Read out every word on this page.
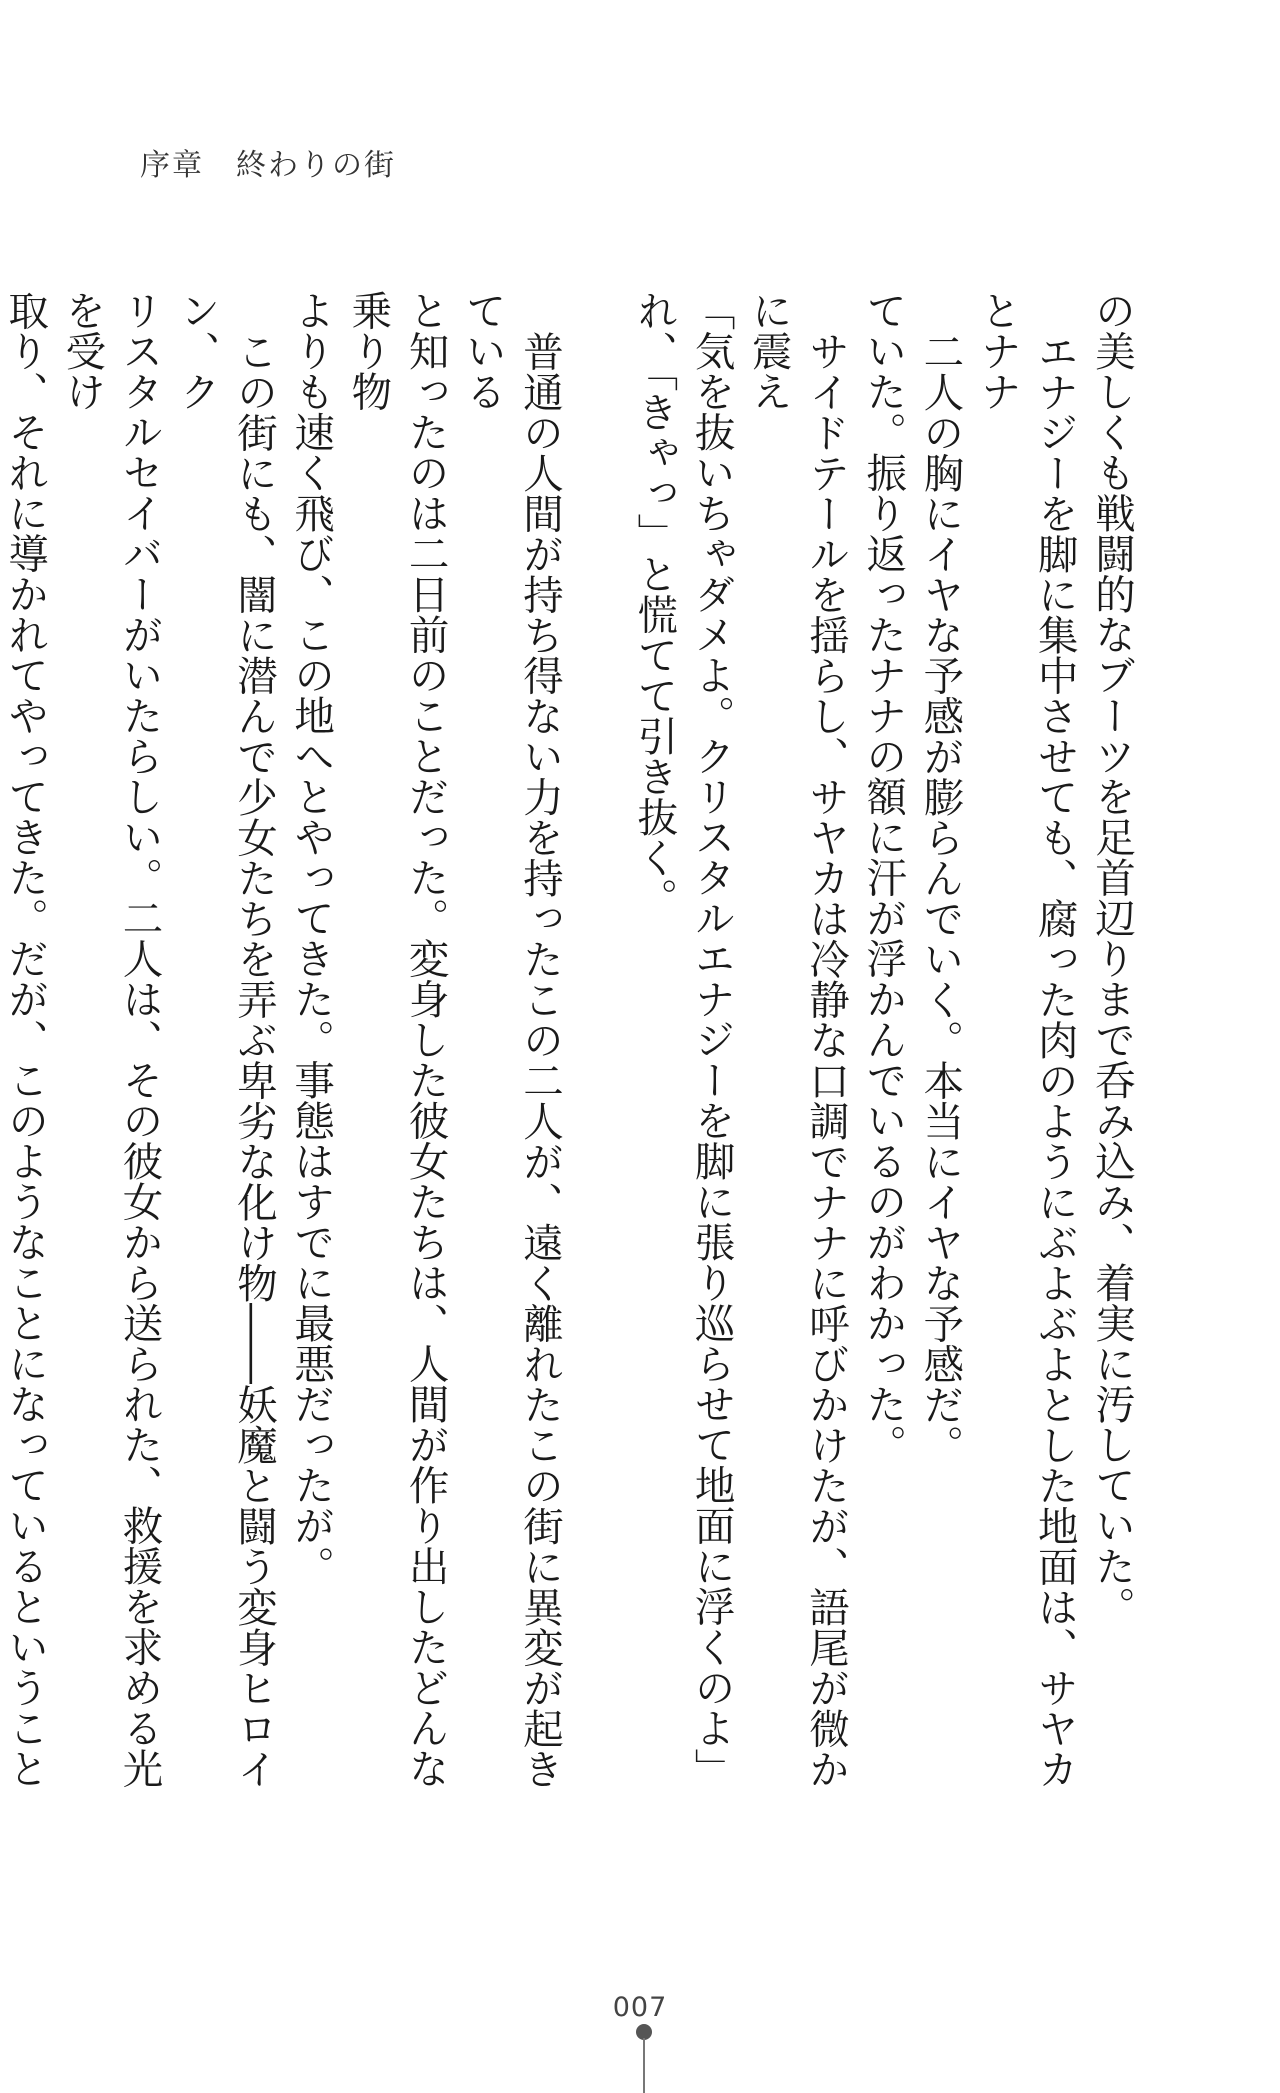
序章　終わりの街

の美しくも戦闘的なブーツを足首辺りまで呑み込み、着実に汚していた。

エナジーを脚に集中させても、腐った肉のようにぶよぶよとした地面は、サヤカとナナ

二人の胸にイヤな予感が膨らんでいく。本当にイヤな予感だ。

ていた。振り返ったナナの額に汗が浮かんでいるのがわかった。

サイドテールを揺らし、サヤカは冷静な口調でナナに呼びかけたが、語尾が微かに震え

「気を抜いちゃダメよ。クリスタルエナジーを脚に張り巡らせて地面に浮くのよ」

れ、「きゃっ」と慌てて引き抜く。

普通の人間が持ち得ない力を持ったこの二人が、遠く離れたこの街に異変が起きている

と知ったのは二日前のことだった。変身した彼女たちは、人間が作り出したどんな乗り物

よりも速く飛び、この地へとやってきた。事態はすでに最悪だったが。

この街にも、闇に潜んで少女たちを弄ぶ卑劣な化け物――妖魔と闘う変身ヒロイン、ク

リスタルセイバーがいたらしい。二人は、その彼女から送られた、救援を求める光を受け

取り、それに導かれてやってきた。だが、このようなことになっているということ

007
